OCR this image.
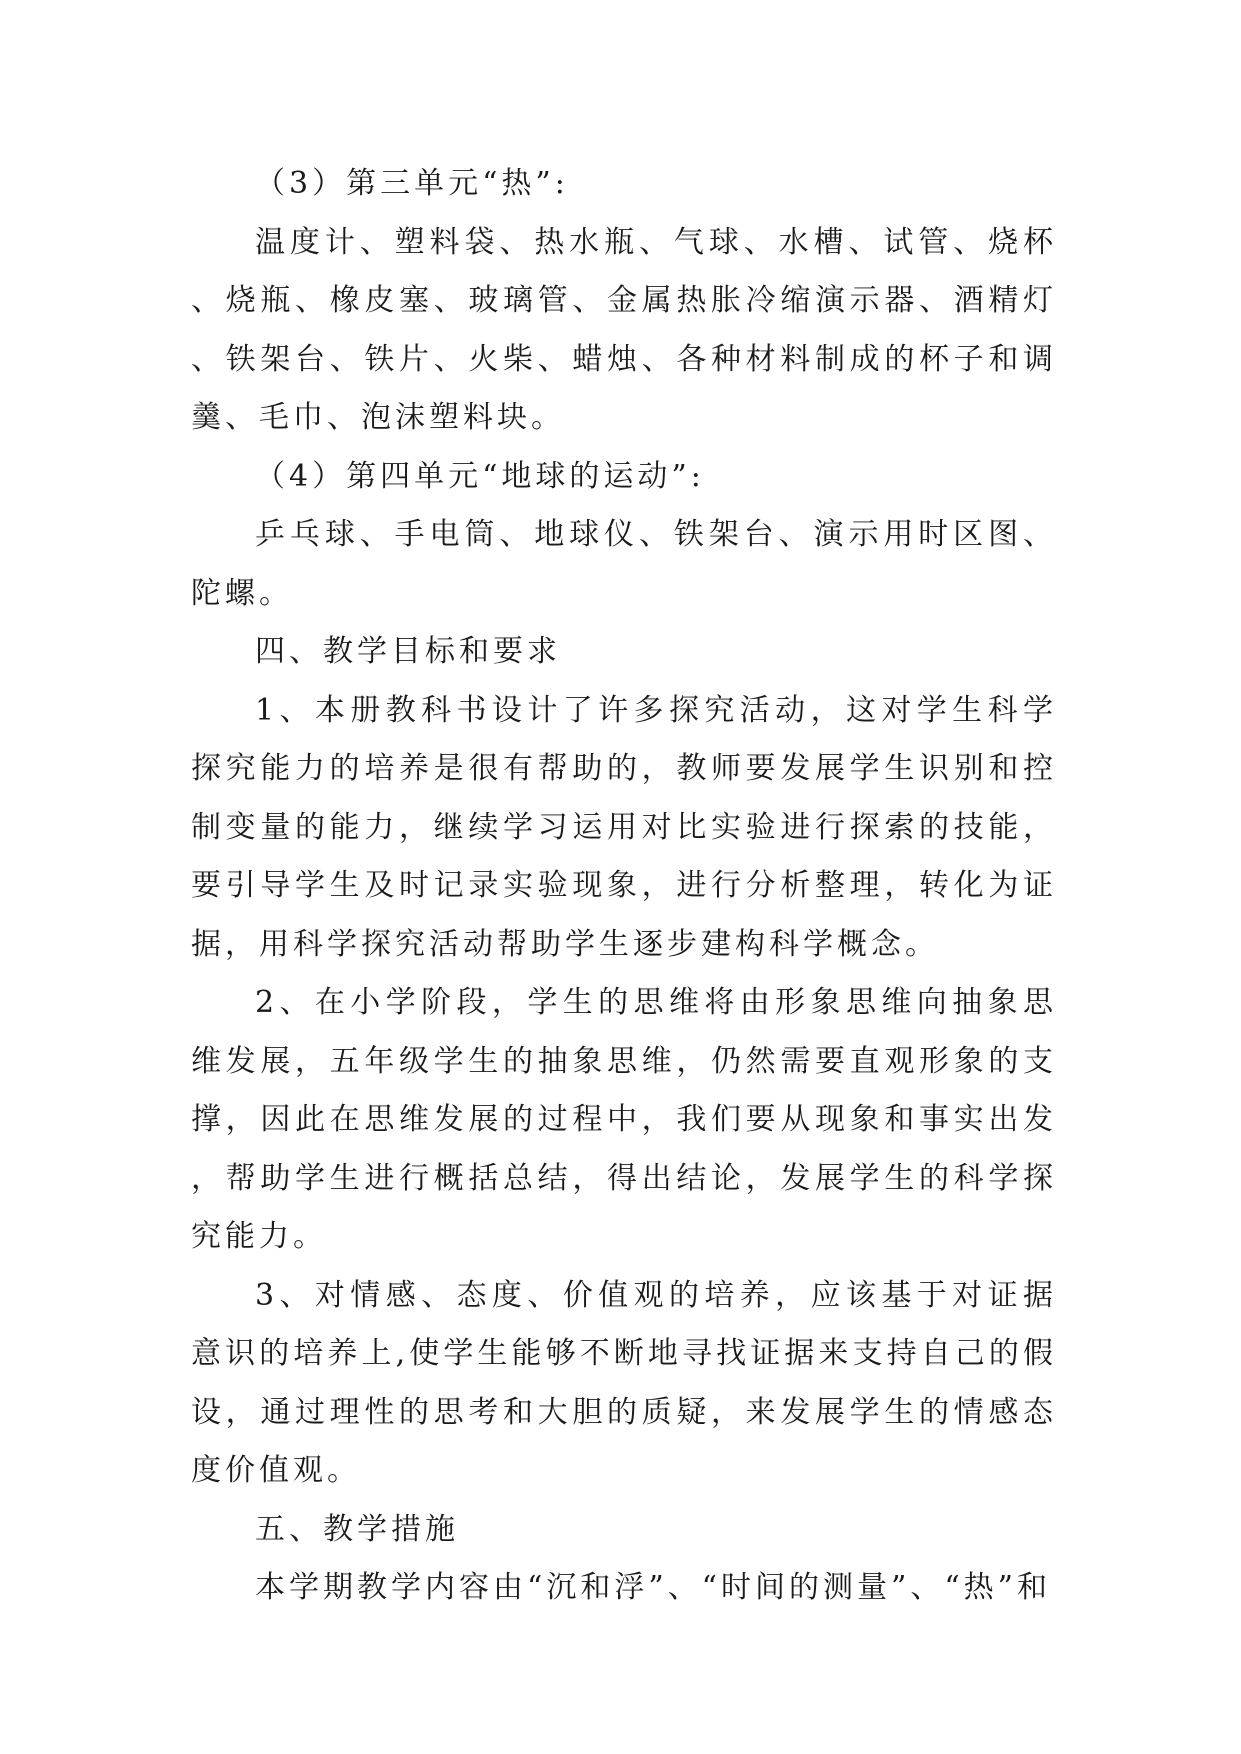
（3）第三单元“热”:

温度计、塑料袋、热水瓶、气球、水槽、试管、烧杯、烧瓶、橡皮塞、玻璃管、金属热胀冷缩演示器、酒精灯、铁架台、铁片、火柴、蜡烛、各种材料制成的杯子和调羹、毛巾、泡沫塑料块。

（4）第四单元“地球的运动”:

乒乓球、手电筒、地球仪、铁架台、演示用时区图、陀螺。

四、教学目标和要求

1、本册教科书设计了许多探究活动，这对学生科学探究能力的培养是很有帮助的，教师要发展学生识别和控制变量的能力，继续学习运用对比实验进行探索的技能，要引导学生及时记录实验现象，进行分析整理，转化为证据，用科学探究活动帮助学生逐步建构科学概念。

2、在小学阶段，学生的思维将由形象思维向抽象思维发展，五年级学生的抽象思维，仍然需要直观形象的支撑，因此在思维发展的过程中，我们要从现象和事实出发，帮助学生进行概括总结，得出结论，发展学生的科学探究能力。

3、对情感、态度、价值观的培养，应该基于对证据意识的培养上,使学生能够不断地寻找证据来支持自己的假设，通过理性的思考和大胆的质疑，来发展学生的情感态度价值观。

五、教学措施

本学期教学内容由“沉和浮”、“时间的测量”、“热”和
